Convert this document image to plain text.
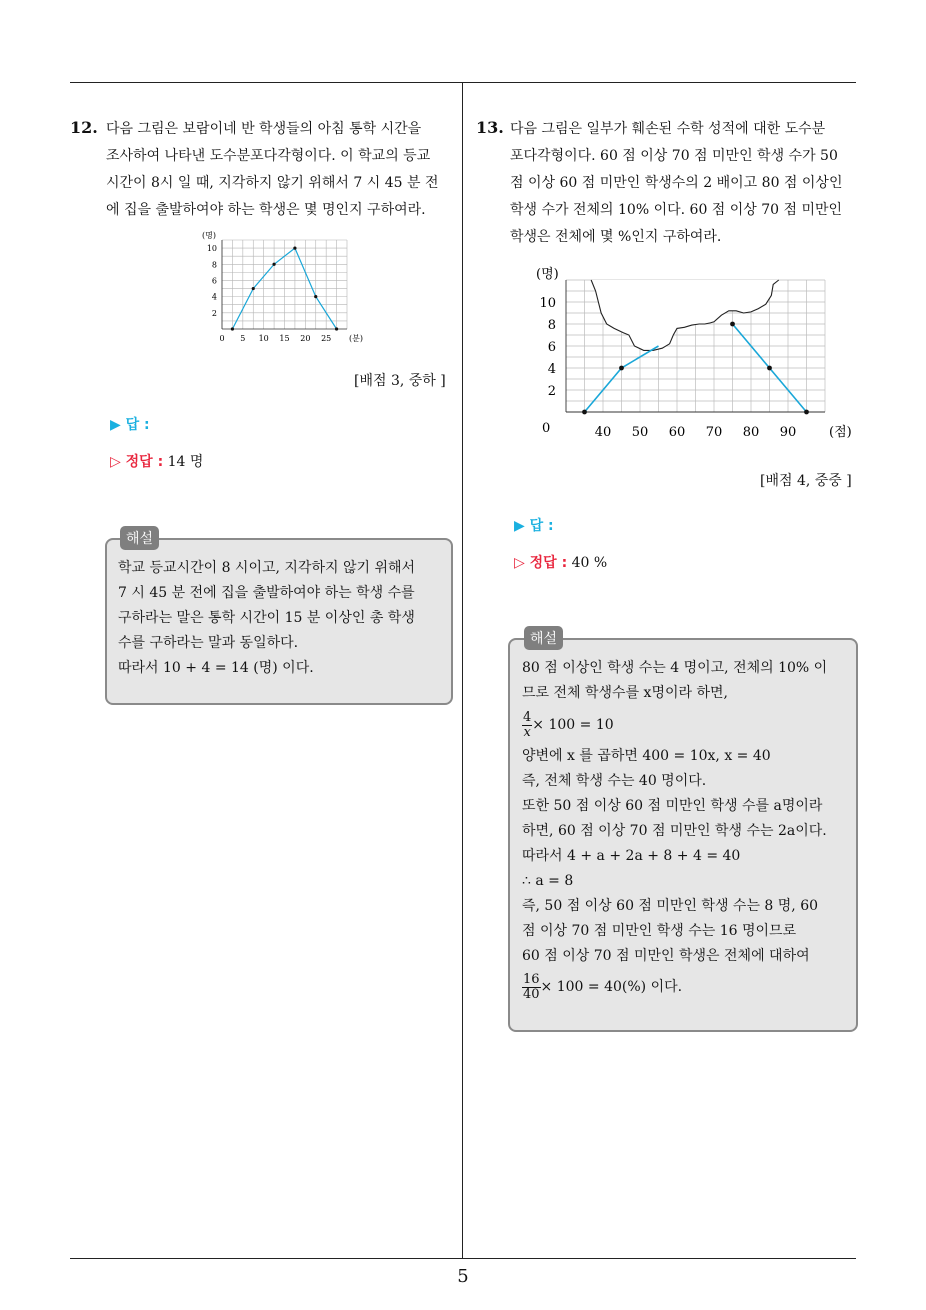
12. 다음 그림은 보람이네 반 학생들의 아침 통학 시간을
조사하여 나타낸 도수분포다각형이다. 이 학교의 등교
시간이 8시 일 때, 지각하지 않기 위해서 7 시 45 분 전
에 집을 출발하여야 하는 학생은 몇 명인지 구하여라.
0 5 10 15 20 25 (분)
2
4
6
8
10
(명)
[배점 3, 중하 ]
▶ 답 :
▷ 정답 : 14 명
해설
학교 등교시간이 8 시이고, 지각하지 않기 위해서
7 시 45 분 전에 집을 출발하여야 하는 학생 수를
구하라는 말은 통학 시간이 15 분 이상인 총 학생
수를 구하라는 말과 동일하다.
따라서 10 + 4 = 14 (명) 이다.
13. 다음 그림은 일부가 훼손된 수학 성적에 대한 도수분
포다각형이다. 60 점 이상 70 점 미만인 학생 수가 50
점 이상 60 점 미만인 학생수의 2 배이고 80 점 이상인
학생 수가 전체의 10% 이다. 60 점 이상 70 점 미만인
학생은 전체에 몇 %인지 구하여라.
40 50 60 70 80 90	(점)
2
4
6
8
10
0
(명)
[배점 4, 중중 ]
▶ 답 :
▷ 정답 : 40 %
해설
80 점 이상인 학생 수는 4 명이고, 전체의 10% 이
므로 전체 학생수를 x명이라 하면,
$\frac{4}{x} \times 100 = 10$
양변에 x 를 곱하면 400 = 10x, x = 40
즉, 전체 학생 수는 40 명이다.
또한 50 점 이상 60 점 미만인 학생 수를 a명이라
하면, 60 점 이상 70 점 미만인 학생 수는 2a이다.
따라서 4 + a + 2a + 8 + 4 = 40
∴ a = 8
즉, 50 점 이상 60 점 미만인 학생 수는 8 명, 60
점 이상 70 점 미만인 학생 수는 16 명이므로
60 점 이상 70 점 미만인 학생은 전체에 대하여
$\frac{16}{40} \times 100 = 40(\%)$ 이다.
5
